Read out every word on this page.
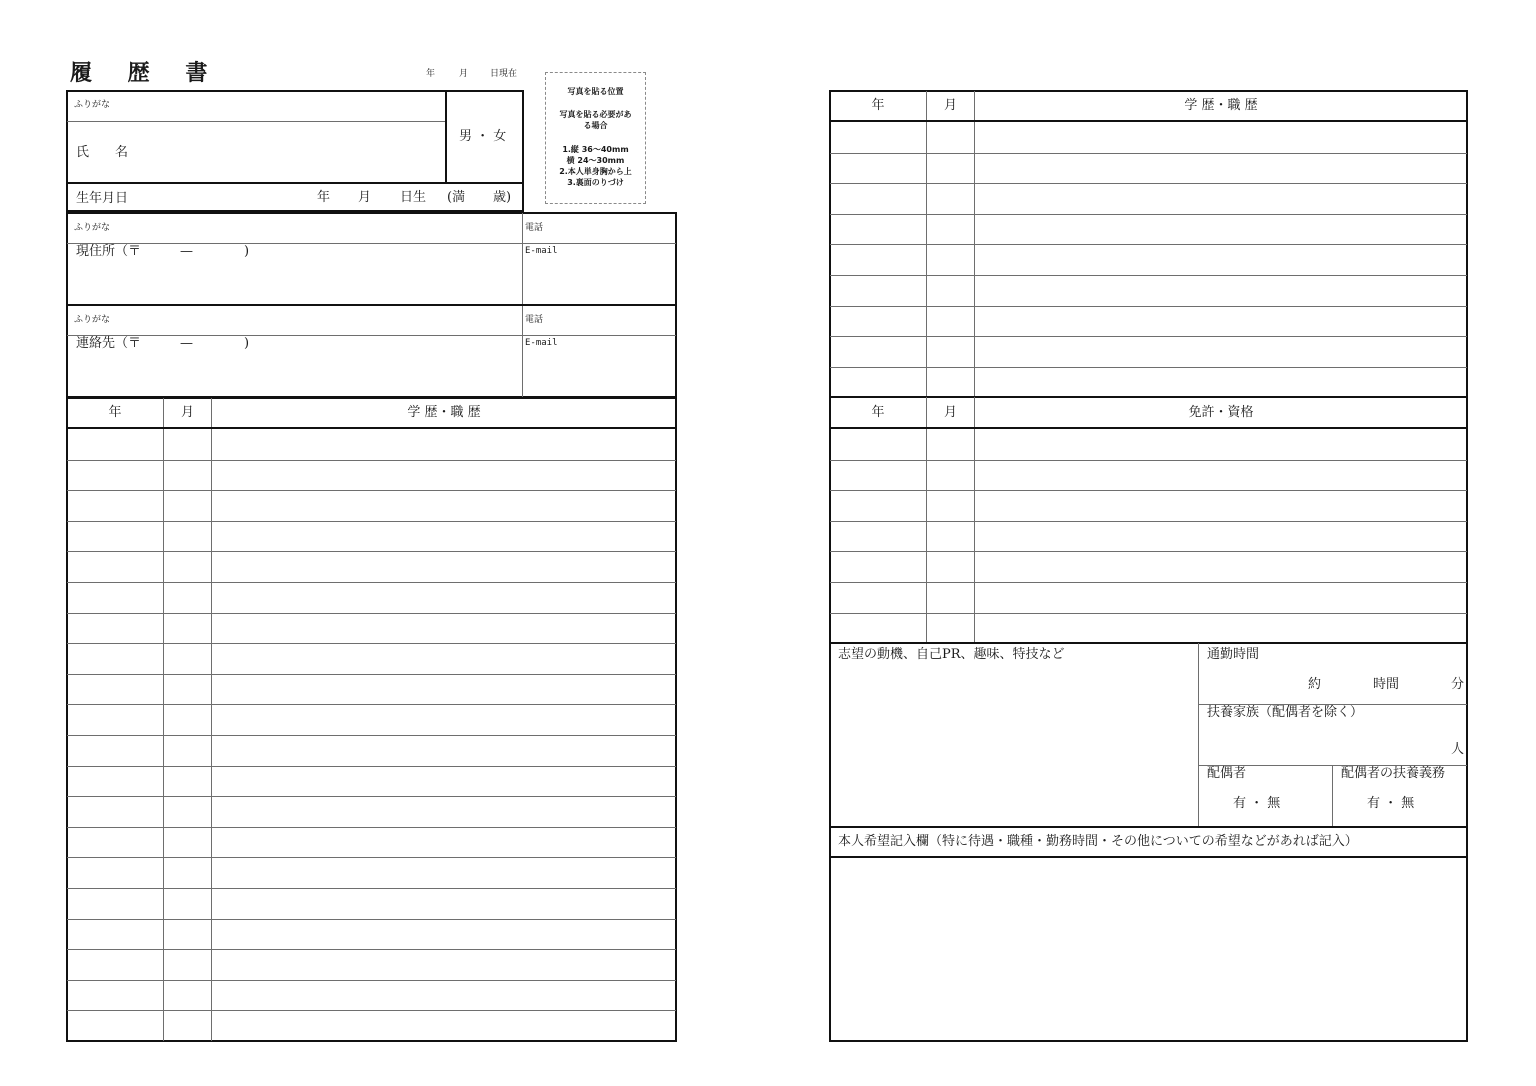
履 歴 書	年	月 日現在
写真を貼る位置
写真を貼る必要があ
る場合
1.縦 36〜40mm
横 24〜30mm
2.本人単身胸から上
3.裏面のりづけ
ふりがな
氏　　名
男 ・ 女
生年月日	年 月 日生 (満 歳)
ふりがな
現住所（〒	—	)
電話
E-mail
ふりがな
連絡先（〒	—	)
電話
E-mail
年	月	学 歴・職 歴
年	月	学 歴・職 歴
年	月	免許・資格
志望の動機、自己PR、趣味、特技など	通勤時間
約	時間	分
扶養家族（配偶者を除く）
人
配偶者
有 ・ 無
配偶者の扶養義務
有 ・ 無
本人希望記入欄（特に待遇・職種・勤務時間・その他についての希望などがあれば記入）
